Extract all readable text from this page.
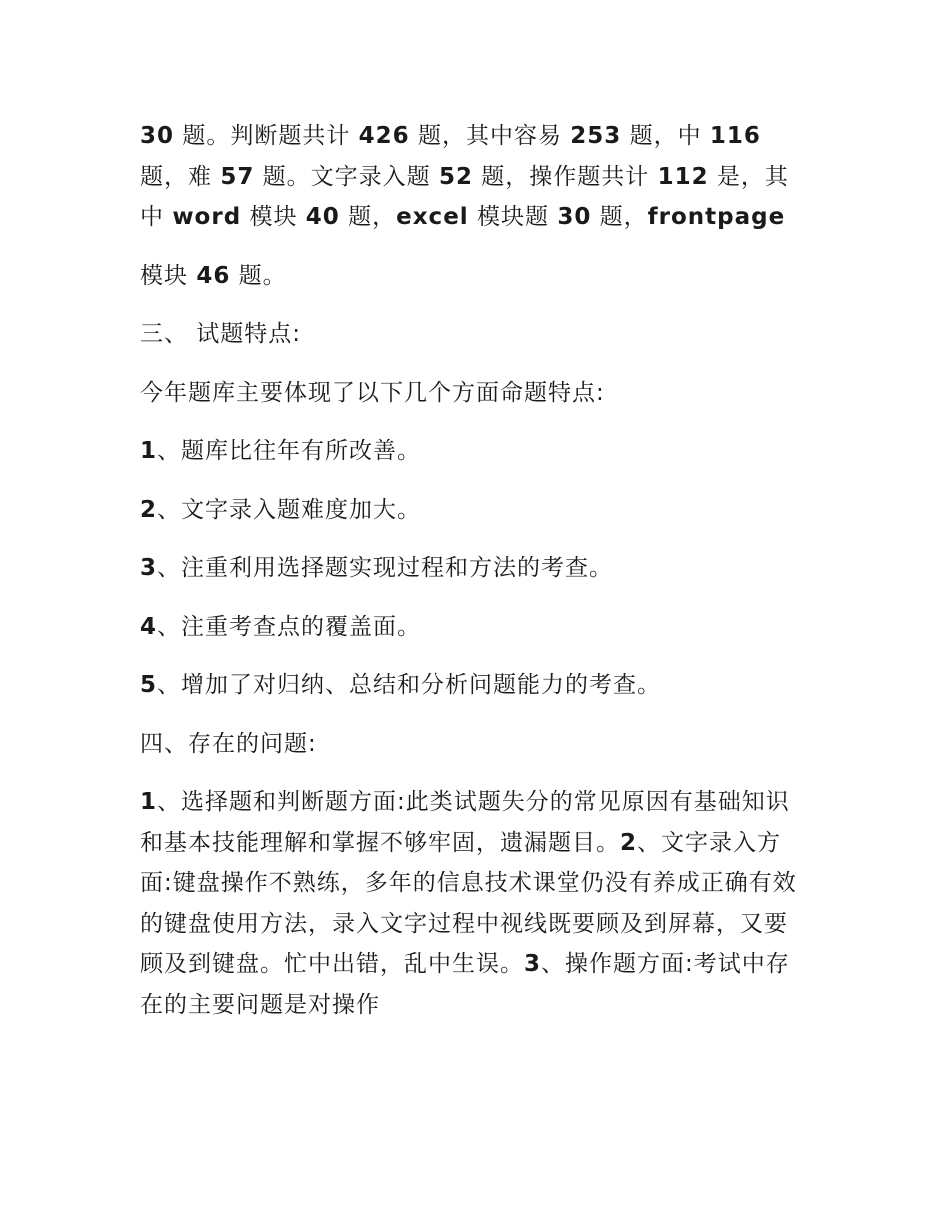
30 题。判断题共计 426 题，其中容易 253 题，中 116 题，难 57 题。文字录入题 52 题，操作题共计 112 是，其中 word 模块 40 题，excel 模块题 30 题，frontpage

模块 46 题。

三、 试题特点:

今年题库主要体现了以下几个方面命题特点:

1、题库比往年有所改善。

2、文字录入题难度加大。

3、注重利用选择题实现过程和方法的考查。

4、注重考查点的覆盖面。

5、增加了对归纳、总结和分析问题能力的考查。

四、存在的问题:

1、选择题和判断题方面:此类试题失分的常见原因有基础知识和基本技能理解和掌握不够牢固，遗漏题目。2、文字录入方面:键盘操作不熟练，多年的信息技术课堂仍没有养成正确有效的键盘使用方法，录入文字过程中视线既要顾及到屏幕，又要顾及到键盘。忙中出错，乱中生误。3、操作题方面:考试中存在的主要问题是对操作
